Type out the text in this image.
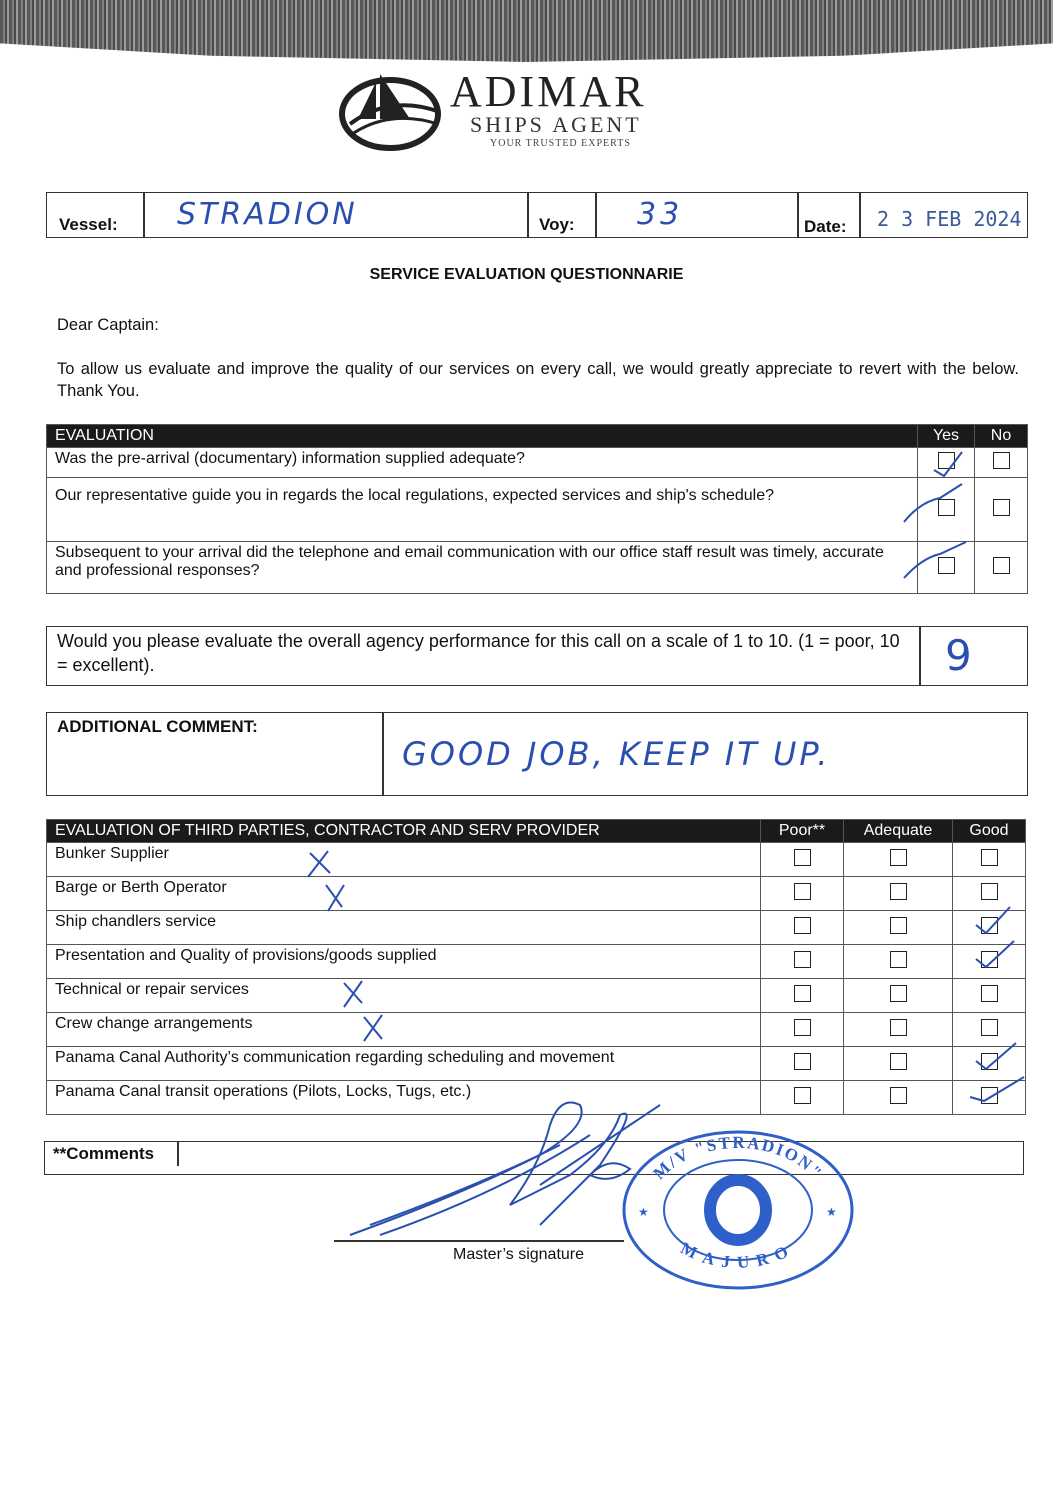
ADIMAR
SHIPS AGENT
YOUR TRUSTED EXPERTS
Vessel: STRADION	Voy: 33	Date: 2 3 FEB 2024
SERVICE EVALUATION QUESTIONNARIE
Dear Captain:
To allow us evaluate and improve the quality of our services on every call, we would greatly appreciate to revert with the below. Thank You.
EVALUATION	Yes	No
Was the pre-arrival (documentary) information supplied adequate?		
Our representative guide you in regards the local regulations, expected services and ship's schedule?		
Subsequent to your arrival did the telephone and email communication with our office staff result was timely, accurate and professional responses?		
Would you please evaluate the overall agency performance for this call on a scale of 1 to 10. (1 = poor, 10 = excellent).	9
ADDITIONAL COMMENT:
GOOD JOB, KEEP IT UP.
EVALUATION OF THIRD PARTIES, CONTRACTOR AND SERV PROVIDER	Poor**	Adequate	Good
Bunker Supplier			
Barge or Berth Operator			
Ship chandlers service			
Presentation and Quality of provisions/goods supplied			
Technical or repair services			
Crew change arrangements			
Panama Canal Authority’s communication regarding scheduling and movement			
Panama Canal transit operations (Pilots, Locks, Tugs, etc.)			
**Comments
Master’s signature
M/V "STRADION"
MAJURO
★	★
